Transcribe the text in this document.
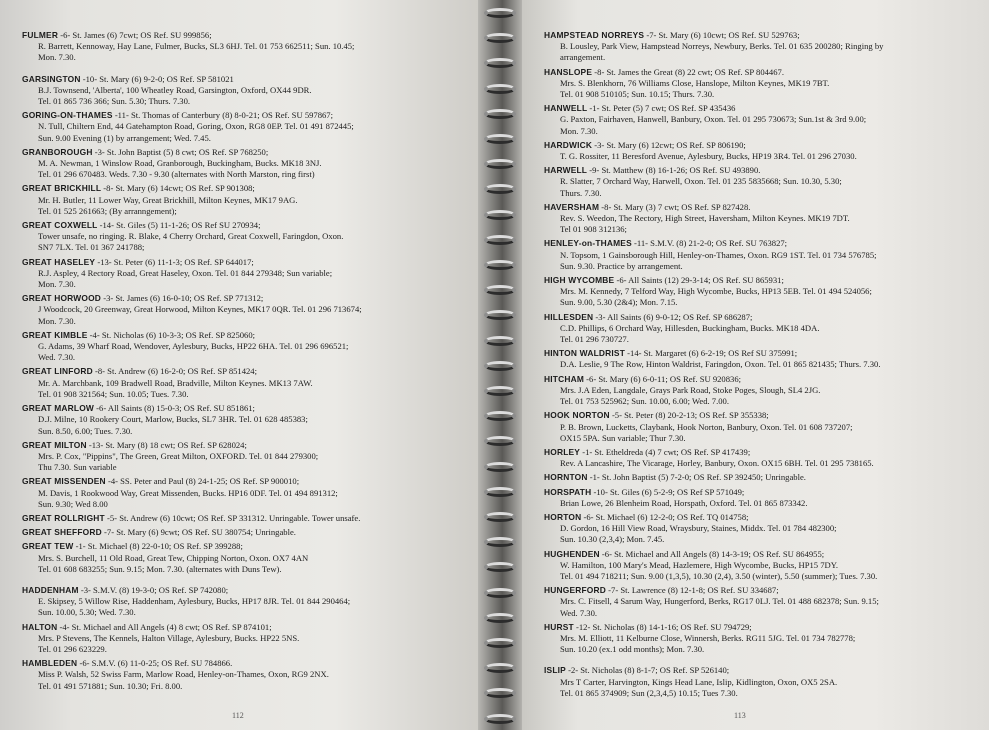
FULMER -6- St. James (6) 7cwt; OS Ref. SU 999856;
R. Barrett, Kennoway, Hay Lane, Fulmer, Bucks, SL3 6HJ. Tel. 01 753 662511; Sun. 10.45;
Mon. 7.30.
GARSINGTON -10- St. Mary (6) 9-2-0; OS Ref. SP 581021
B.J. Townsend, 'Alberta', 100 Wheatley Road, Garsington, Oxford, OX44 9DR.
Tel. 01 865 736 366; Sun. 5.30; Thurs. 7.30.
GORING-ON-THAMES -11- St. Thomas of Canterbury (8) 8-0-21; OS Ref. SU 597867;
N. Tull, Chiltern End, 44 Gatehampton Road, Goring, Oxon, RG8 0EP. Tel. 01 491 872445;
Sun. 9.00 Evening (1) by arrangement; Wed. 7.45.
GRANBOROUGH -3- St. John Baptist (5) 8 cwt; OS Ref. SP 768250;
M. A. Newman, 1 Winslow Road, Granborough, Buckingham, Bucks. MK18 3NJ.
Tel. 01 296 670483. Weds. 7.30 - 9.30 (alternates with North Marston, ring first)
GREAT BRICKHILL -8- St. Mary (6) 14cwt; OS Ref. SP 901308;
Mr. H. Butler, 11 Lower Way, Great Brickhill, Milton Keynes, MK17 9AG.
Tel. 01 525 261663; (By arranngement);
GREAT COXWELL -14- St. Giles (5) 11-1-26; OS Ref SU 270934;
Tower unsafe, no ringing. R. Blake, 4 Cherry Orchard, Great Coxwell, Faringdon, Oxon.
SN7 7LX. Tel. 01 367 241788;
GREAT HASELEY -13- St. Peter (6) 11-1-3; OS Ref. SP 644017;
R.J. Aspley, 4 Rectory Road, Great Haseley, Oxon. Tel. 01 844 279348; Sun variable;
Mon. 7.30.
GREAT HORWOOD -3- St. James (6) 16-0-10; OS Ref. SP 771312;
J Woodcock, 20 Greenway, Great Horwood, Milton Keynes, MK17 0QR. Tel. 01 296 713674;
Mon. 7.30.
GREAT KIMBLE -4- St. Nicholas (6) 10-3-3; OS Ref. SP 825060;
G. Adams, 39 Wharf Road, Wendover, Aylesbury, Bucks, HP22 6HA. Tel. 01 296 696521;
Wed. 7.30.
GREAT LINFORD -8- St. Andrew (6) 16-2-0; OS Ref. SP 851424;
Mr. A. Marchbank, 109 Bradwell Road, Bradville, Milton Keynes. MK13 7AW.
Tel. 01 908 321564; Sun. 10.05; Tues. 7.30.
GREAT MARLOW -6- All Saints (8) 15-0-3; OS Ref. SU 851861;
D.J. Milne, 10 Rookery Court, Marlow, Bucks, SL7 3HR. Tel. 01 628 485383;
Sun. 8.50, 6.00; Tues. 7.30.
GREAT MILTON -13- St. Mary (8) 18 cwt; OS Ref. SP 628024;
Mrs. P. Cox, "Pippins", The Green, Great Milton, OXFORD. Tel. 01 844 279300;
Thu 7.30. Sun variable
GREAT MISSENDEN -4- SS. Peter and Paul (8) 24-1-25; OS Ref. SP 900010;
M. Davis, 1 Rookwood Way, Great Missenden, Bucks. HP16 0DF. Tel. 01 494 891312;
Sun. 9.30; Wed 8.00
GREAT ROLLRIGHT -5- St. Andrew (6) 10cwt; OS Ref. SP 331312. Unringable. Tower unsafe.
GREAT SHEFFORD -7- St. Mary (6) 9cwt; OS Ref. SU 380754; Unringable.
GREAT TEW -1- St. Michael (8) 22-0-10; OS Ref. SP 399288;
Mrs. S. Burchell, 11 Old Road, Great Tew, Chipping Norton, Oxon. OX7 4AN
Tel. 01 608 683255; Sun. 9.15; Mon. 7.30. (alternates with Duns Tew).
HADDENHAM -3- S.M.V. (8) 19-3-0; OS Ref. SP 742080;
E. Skipsey, 5 Willow Rise, Haddenham, Aylesbury, Bucks, HP17 8JR. Tel. 01 844 290464;
Sun. 10.00, 5.30; Wed. 7.30.
HALTON -4- St. Michael and All Angels (4) 8 cwt; OS Ref. SP 874101;
Mrs. P Stevens, The Kennels, Halton Village, Aylesbury, Bucks. HP22 5NS.
Tel. 01 296 623229.
HAMBLEDEN -6- S.M.V. (6) 11-0-25; OS Ref. SU 784866.
Miss P. Walsh, 52 Swiss Farm, Marlow Road, Henley-on-Thames, Oxon, RG9 2NX.
Tel. 01 491 571881; Sun. 10.30; Fri. 8.00.
112
HAMPSTEAD NORREYS -7- St. Mary (6) 10cwt; OS Ref. SU 529763;
B. Lousley, Park View, Hampstead Norreys, Newbury, Berks. Tel. 01 635 200280; Ringing by
arrangement.
HANSLOPE -8- St. James the Great (8) 22 cwt; OS Ref. SP 804467.
Mrs. S. Blenkhorn, 76 Williams Close, Hanslope, Milton Keynes, MK19 7BT.
Tel. 01 908 510105; Sun. 10.15; Thurs. 7.30.
HANWELL -1- St. Peter (5) 7 cwt; OS Ref. SP 435436
G. Paxton, Fairhaven, Hanwell, Banbury, Oxon. Tel. 01 295 730673; Sun.1st & 3rd 9.00;
Mon. 7.30.
HARDWICK -3- St. Mary (6) 12cwt; OS Ref. SP 806190;
T. G. Rossiter, 11 Beresford Avenue, Aylesbury, Bucks, HP19 3R4. Tel. 01 296 27030.
HARWELL -9- St. Matthew (8) 16-1-26; OS Ref. SU 493890.
R. Slatter, 7 Orchard Way, Harwell, Oxon. Tel. 01 235 5835668; Sun. 10.30, 5.30;
Thurs. 7.30.
HAVERSHAM -8- St. Mary (3) 7 cwt; OS Ref. SP 827428.
Rev. S. Weedon, The Rectory, High Street, Haversham, Milton Keynes. MK19 7DT.
Tel 01 908 312136;
HENLEY-on-THAMES -11- S.M.V. (8) 21-2-0; OS Ref. SU 763827;
N. Topsom, 1 Gainsborough Hill, Henley-on-Thames, Oxon. RG9 1ST. Tel. 01 734 576785;
Sun. 9.30. Practice by arrangement.
HIGH WYCOMBE -6- All Saints (12) 29-3-14; OS Ref. SU 865931;
Mrs. M. Kennedy, 7 Telford Way, High Wycombe, Bucks, HP13 5EB. Tel. 01 494 524056;
Sun. 9.00, 5.30 (2&4); Mon. 7.15.
HILLESDEN -3- All Saints (6) 9-0-12; OS Ref. SP 686287;
C.D. Phillips, 6 Orchard Way, Hillesden, Buckingham, Bucks. MK18 4DA.
Tel. 01 296 730727.
HINTON WALDRIST -14- St. Margaret (6) 6-2-19; OS Ref SU 375991;
D.A. Leslie, 9 The Row, Hinton Waldrist, Faringdon, Oxon. Tel. 01 865 821435; Thurs. 7.30.
HITCHAM -6- St. Mary (6) 6-0-11; OS Ref. SU 920836;
Mrs. J.A Eden, Langdale, Grays Park Road, Stoke Poges, Slough, SL4 2JG.
Tel. 01 753 525962; Sun. 10.00, 6.00; Wed. 7.00.
HOOK NORTON -5- St. Peter (8) 20-2-13; OS Ref. SP 355338;
P. B. Brown, Lucketts, Claybank, Hook Norton, Banbury, Oxon. Tel. 01 608 737207;
OX15 5PA. Sun variable; Thur 7.30.
HORLEY -1- St. Etheldreda (4) 7 cwt; OS Ref. SP 417439;
Rev. A Lancashire, The Vicarage, Horley, Banbury, Oxon. OX15 6BH. Tel. 01 295 738165.
HORNTON -1- St. John Baptist (5) 7-2-0; OS Ref. SP 392450; Unringable.
HORSPATH -10- St. Giles (6) 5-2-9; OS Ref SP 571049;
Brian Lowe, 26 Blenheim Road, Horspath, Oxford. Tel. 01 865 873342.
HORTON -6- St. Michael (6) 12-2-0; OS Ref. TQ 014758;
D. Gordon, 16 Hill View Road, Wraysbury, Staines, Middx. Tel. 01 784 482300;
Sun. 10.30 (2,3,4); Mon. 7.45.
HUGHENDEN -6- St. Michael and All Angels (8) 14-3-19; OS Ref. SU 864955;
W. Hamilton, 100 Mary's Mead, Hazlemere, High Wycombe, Bucks, HP15 7DY.
Tel. 01 494 718211; Sun. 9.00 (1,3,5), 10.30 (2,4), 3.50 (winter), 5.50 (summer); Tues. 7.30.
HUNGERFORD -7- St. Lawrence (8) 12-1-8; OS Ref. SU 334687;
Mrs. C. Fitsell, 4 Sarum Way, Hungerford, Berks, RG17 0LJ. Tel. 01 488 682378; Sun. 9.15;
Wed. 7.30.
HURST -12- St. Nicholas (8) 14-1-16; OS Ref. SU 794729;
Mrs. M. Elliott, 11 Kelburne Close, Winnersh, Berks. RG11 5JG. Tel. 01 734 782778;
Sun. 10.20 (ex.1 odd months); Mon. 7.30.
ISLIP -2- St. Nicholas (8) 8-1-7; OS Ref. SP 526140;
Mrs T Carter, Harvington, Kings Head Lane, Islip, Kidlington, Oxon, OX5 2SA.
Tel. 01 865 374909; Sun (2,3,4,5) 10.15; Tues 7.30.
113
